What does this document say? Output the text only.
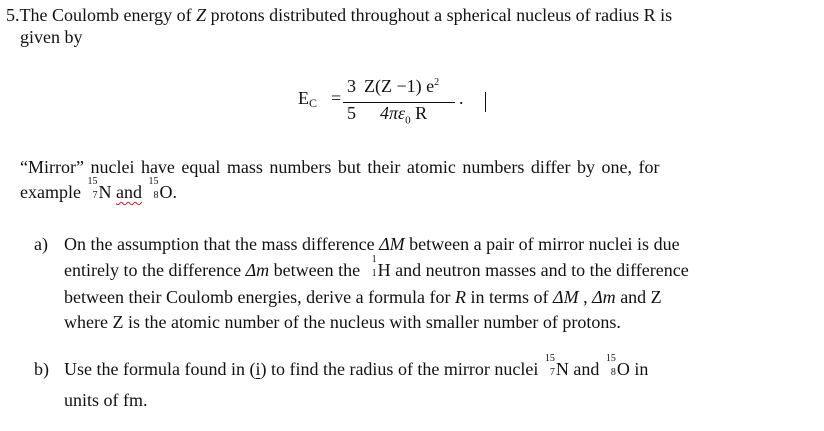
5.The Coulomb energy of Z protons distributed throughout a spherical nucleus of radius R is
given by
EC =
3
5
Z(Z −1) $e^2$
$4\pi\varepsilon_0$ R
.
“Mirror” nuclei have equal mass numbers but their atomic numbers differ by one, for
example
15
7 N and
15
8 O.
a) On the assumption that the mass difference ΔM between a pair of mirror nuclei is due
entirely to the difference Δm between the
1
1 H and neutron masses and to the difference
between their Coulomb energies, derive a formula for R in terms of ΔM , Δm and Z
where Z is the atomic number of the nucleus with smaller number of protons.
b) Use the formula found in (i) to find the radius of the mirror nuclei
15
7 N and
15
8 O in
units of fm.
